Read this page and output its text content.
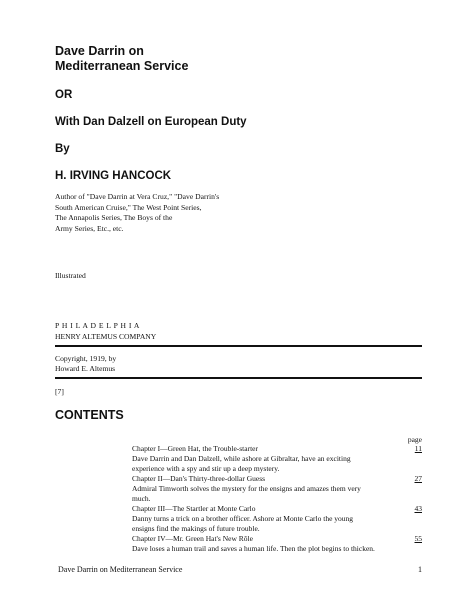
Dave Darrin on
Mediterranean Service
OR
With Dan Dalzell on European Duty
By
H. IRVING HANCOCK
Author of "Dave Darrin at Vera Cruz," "Dave Darrin's
South American Cruise," The West Point Series,
The Annapolis Series, The Boys of the
Army Series, Etc., etc.
Illustrated
P H I L A D E L P H I A
HENRY ALTEMUS COMPANY
Copyright, 1919, by
Howard E. Altemus
[7]
CONTENTS
page
Chapter I—Green Hat, the Trouble-starter	11
Dave Darrin and Dan Dalzell, while ashore at Gibraltar, have an exciting
experience with a spy and stir up a deep mystery.
Chapter II—Dan's Thirty-three-dollar Guess	27
Admiral Timworth solves the mystery for the ensigns and amazes them very
much.
Chapter III—The Startler at Monte Carlo	43
Danny turns a trick on a brother officer. Ashore at Monte Carlo the young
ensigns find the makings of future trouble.
Chapter IV—Mr. Green Hat's New Rôle	55
Dave loses a human trail and saves a human life. Then the plot begins to thicken.
Dave Darrin on Mediterranean Service	1
